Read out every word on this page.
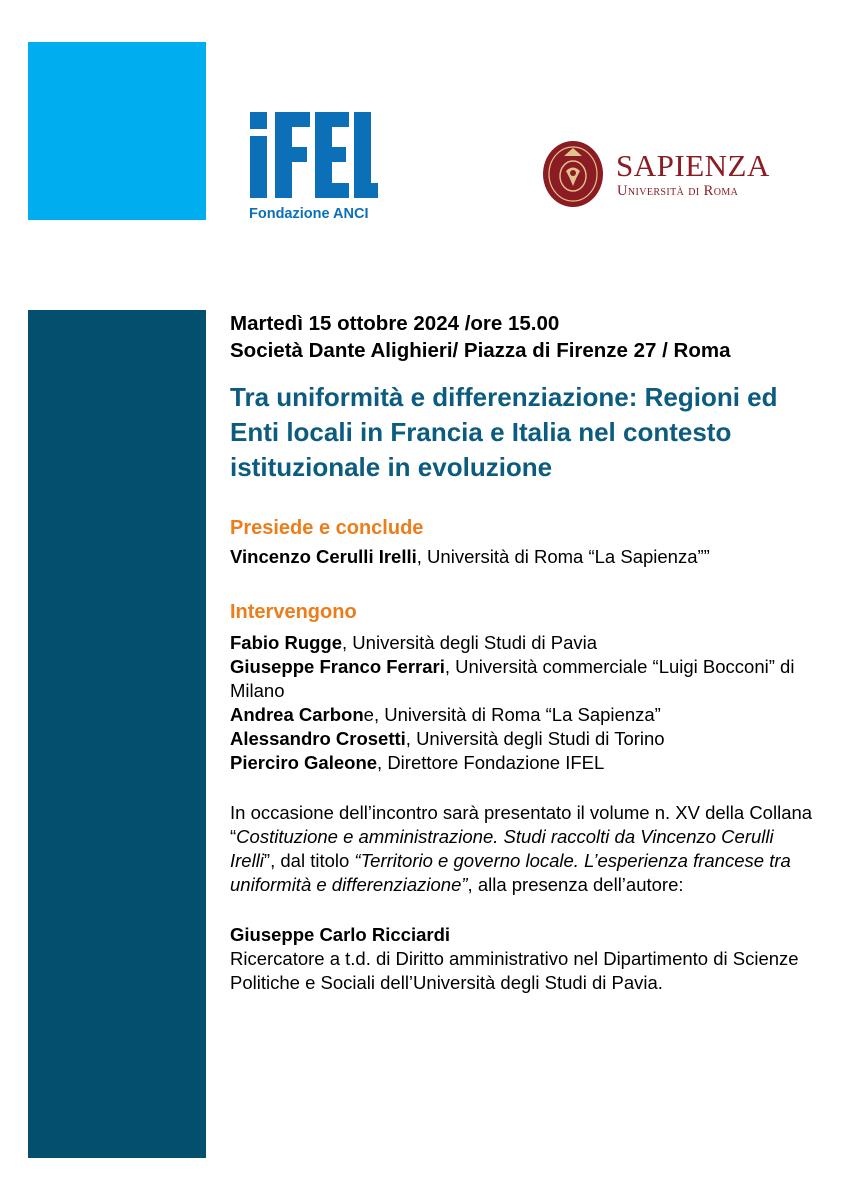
Fondazione ANCI
SAPIENZA
Università di Roma
Martedì 15 ottobre 2024 /ore 15.00
Società Dante Alighieri/ Piazza di Firenze 27 / Roma
Tra uniformità e differenziazione: Regioni ed Enti locali in Francia e Italia nel contesto istituzionale in evoluzione
Presiede e conclude
Vincenzo Cerulli Irelli, Università di Roma “La Sapienza””
Intervengono
Fabio Rugge, Università degli Studi di Pavia
Giuseppe Franco Ferrari, Università commerciale “Luigi Bocconi” di Milano
Andrea Carbone, Università di Roma “La Sapienza”
Alessandro Crosetti, Università degli Studi di Torino
Pierciro Galeone, Direttore Fondazione IFEL
In occasione dell’incontro sarà presentato il volume n. XV della Collana “Costituzione e amministrazione. Studi raccolti da Vincenzo Cerulli Irelli”, dal titolo “Territorio e governo locale. L’esperienza francese tra uniformità e differenziazione”, alla presenza dell’autore:
Giuseppe Carlo Ricciardi
Ricercatore a t.d. di Diritto amministrativo nel Dipartimento di Scienze Politiche e Sociali dell’Università degli Studi di Pavia.
